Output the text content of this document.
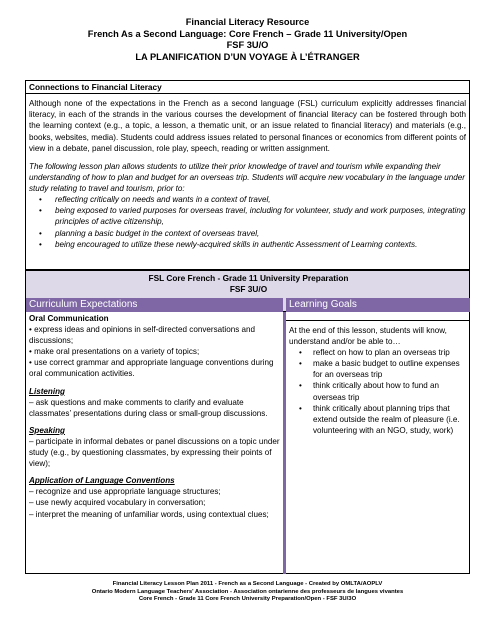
Financial Literacy Resource
French As a Second Language: Core French – Grade 11 University/Open
FSF 3U/O
LA PLANIFICATION D’UN VOYAGE À L’ÉTRANGER
Connections to Financial Literacy

Although none of the expectations in the French as a second language (FSL) curriculum explicitly addresses financial literacy, in each of the strands in the various courses the development of financial literacy can be fostered through both the learning context (e.g., a topic, a lesson, a thematic unit, or an issue related to financial literacy) and materials (e.g., books, websites, media). Students could address issues related to personal finances or economics from different points of view in a debate, panel discussion, role play, speech, reading or written assignment.

The following lesson plan allows students to utilize their prior knowledge of travel and tourism while expanding their understanding of how to plan and budget for an overseas trip. Students will acquire new vocabulary in the language under study relating to travel and tourism, prior to:

• reflecting critically on needs and wants in a context of travel,
• being exposed to varied purposes for overseas travel, including for volunteer, study and work purposes, integrating principles of active citizenship,
• planning a basic budget in the context of overseas travel,
• being encouraged to utilize these newly-acquired skills in authentic Assessment of Learning contexts.
FSL Core French - Grade 11 University Preparation
FSF 3U/O
Curriculum Expectations	Learning Goals
Oral Communication
• express ideas and opinions in self-directed conversations and discussions;
• make oral presentations on a variety of topics;
• use correct grammar and appropriate language conventions during oral communication activities.
Listening
– ask questions and make comments to clarify and evaluate classmates’ presentations during class or small-group discussions.
Speaking
– participate in informal debates or panel discussions on a topic under study (e.g., by questioning classmates, by expressing their points of view);
Application of Language Conventions
– recognize and use appropriate language structures;
– use newly acquired vocabulary in conversation;
– interpret the meaning of unfamiliar words, using contextual clues;
At the end of this lesson, students will know, understand and/or be able to…
• reflect on how to plan an overseas trip
• make a basic budget to outline expenses for an overseas trip
• think critically about how to fund an overseas trip
• think critically about planning trips that extend outside the realm of pleasure (i.e. volunteering with an NGO, study, work)
Financial Literacy Lesson Plan 2011 - French as a Second Language - Created by OMLTA/AOPLV
Ontario Modern Language Teachers' Association - Association ontarienne des professeurs de langues vivantes
Core French - Grade 11 Core French University Preparation/Open - FSF 3U/3O
